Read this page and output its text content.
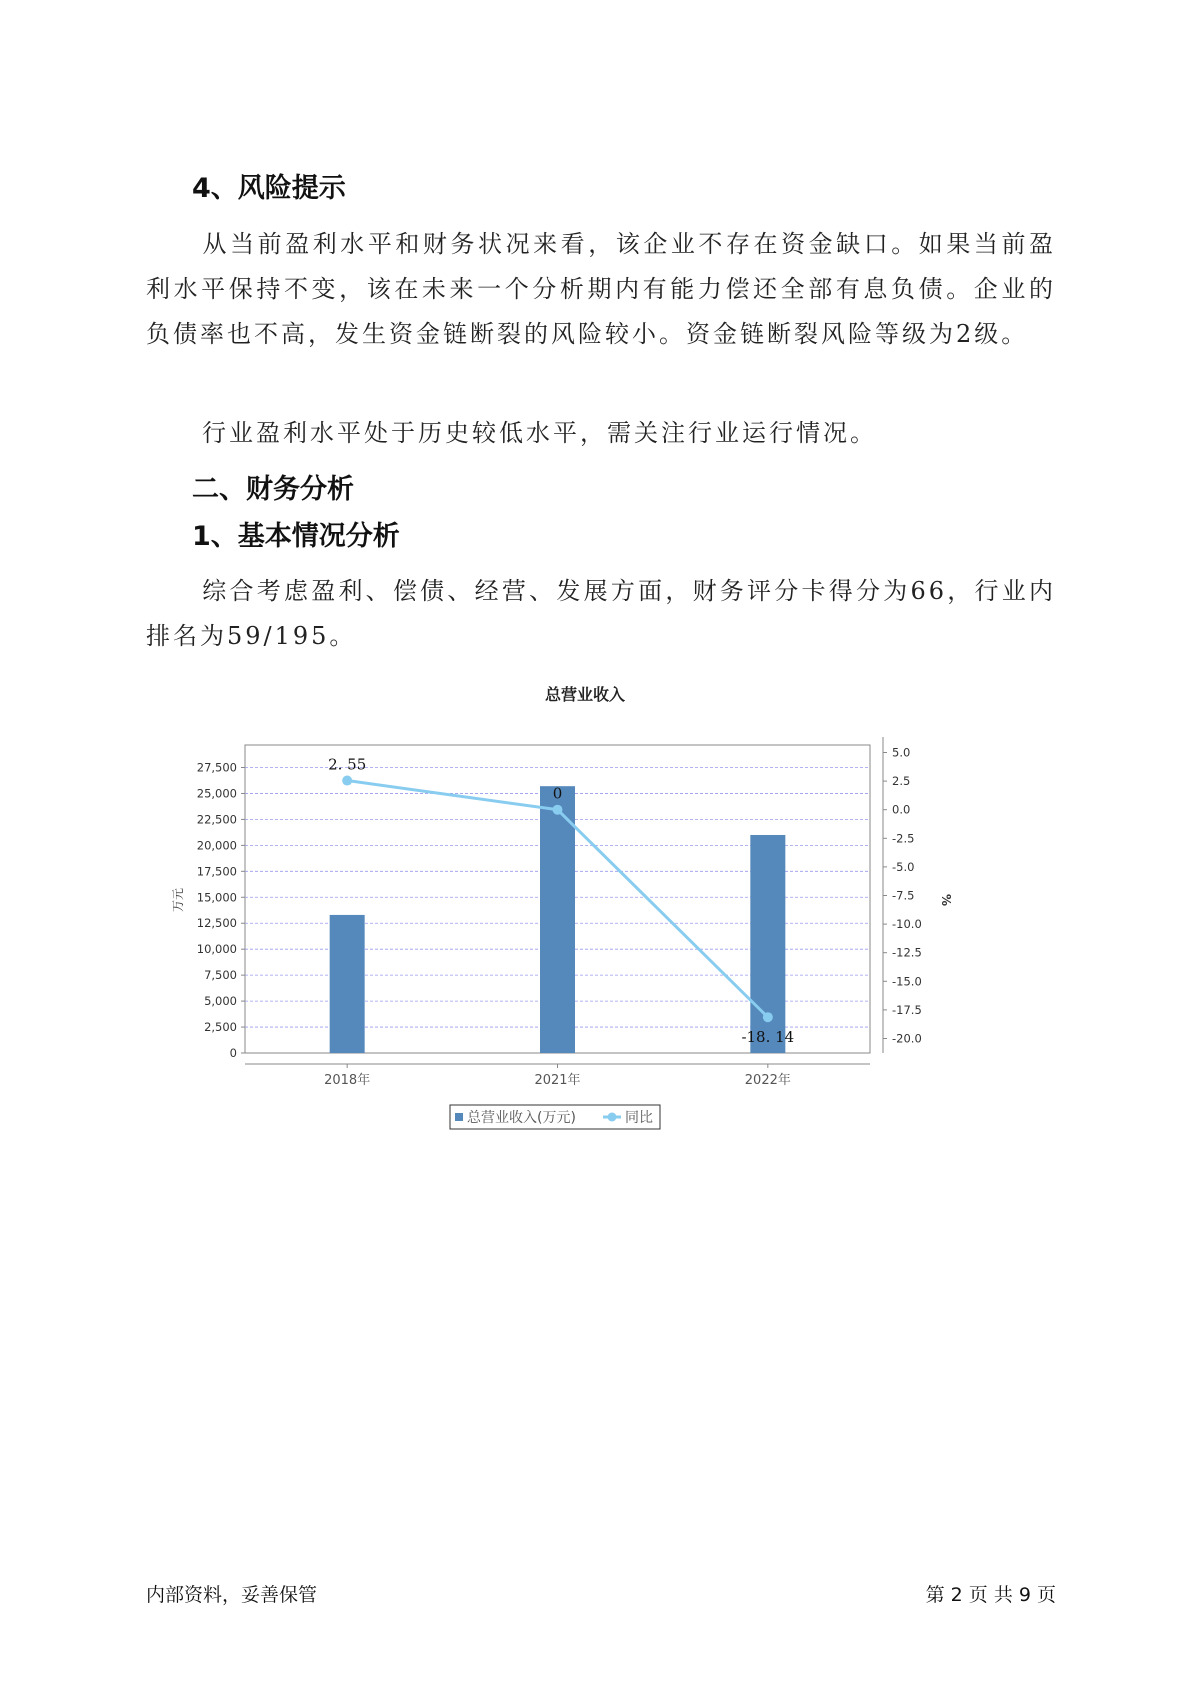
4、风险提示

从当前盈利水平和财务状况来看，该企业不存在资金缺口。如果当前盈利水平保持不变，该在未来一个分析期内有能力偿还全部有息负债。企业的负债率也不高，发生资金链断裂的风险较小。资金链断裂风险等级为2级。

行业盈利水平处于历史较低水平，需关注行业运行情况。

二、财务分析
1、基本情况分析

综合考虑盈利、偿债、经营、发展方面，财务评分卡得分为66，行业内排名为59/195。

总营业收入
0
2,500
5,000
7,500
10,000
12,500
15,000
17,500
20,000
22,500
25,000
27,500
-20.0
-17.5
-15.0
-12.5
-10.0
-7.5
-5.0
-2.5
0.0
2.5
5.0
万元	%
2018年	2021年	2022年
2. 55
0
-18. 14
总营业收入(万元)	同比
内部资料，妥善保管	第 2 页 共 9 页
